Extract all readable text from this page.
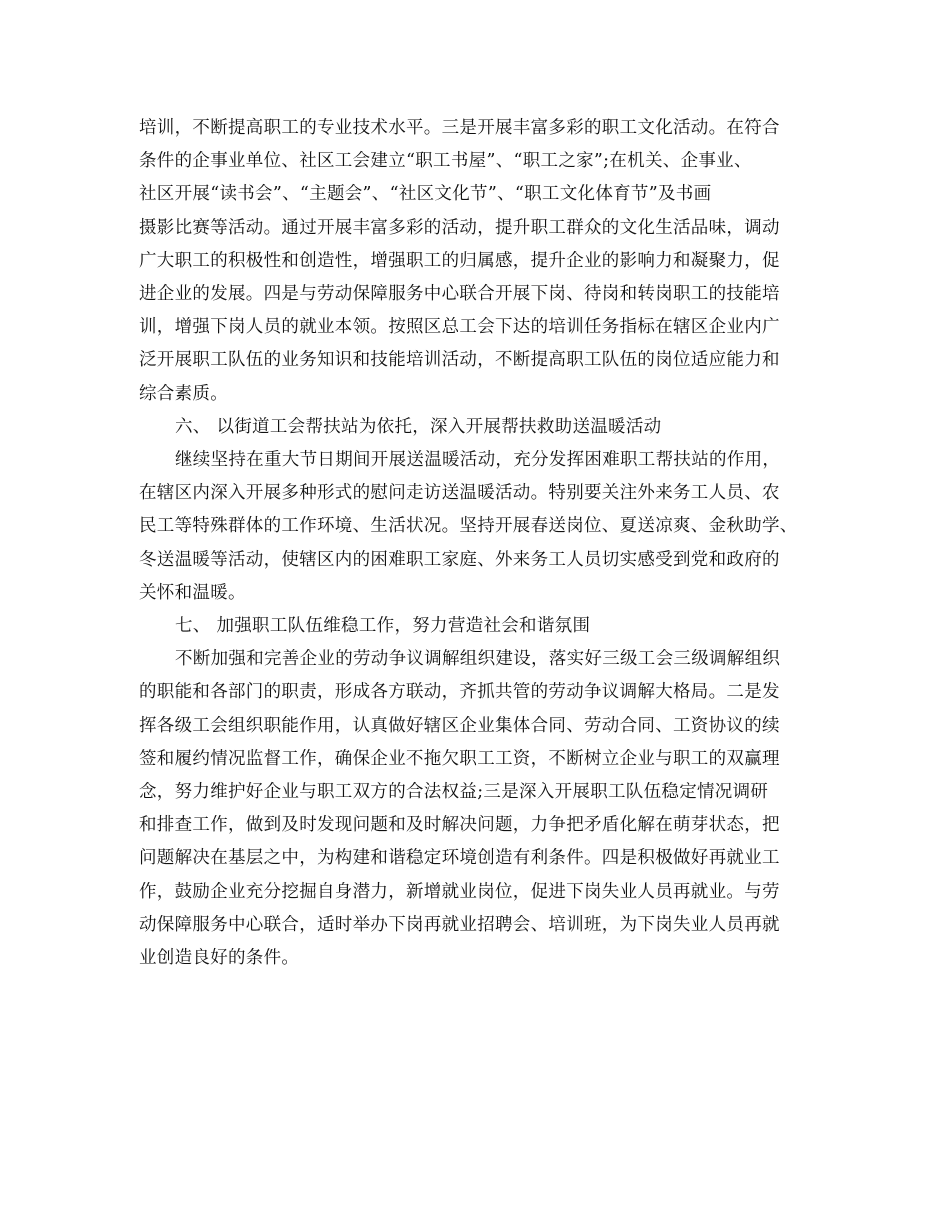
培训，不断提高职工的专业技术水平。三是开展丰富多彩的职工文化活动。在符合
条件的企事业单位、社区工会建立“职工书屋”、“职工之家”;在机关、企事业、
社区开展“读书会”、“主题会”、“社区文化节”、“职工文化体育节”及书画
摄影比赛等活动。通过开展丰富多彩的活动，提升职工群众的文化生活品味，调动
广大职工的积极性和创造性，增强职工的归属感，提升企业的影响力和凝聚力，促
进企业的发展。四是与劳动保障服务中心联合开展下岗、待岗和转岗职工的技能培
训，增强下岗人员的就业本领。按照区总工会下达的培训任务指标在辖区企业内广
泛开展职工队伍的业务知识和技能培训活动，不断提高职工队伍的岗位适应能力和
综合素质。
六、 以街道工会帮扶站为依托，深入开展帮扶救助送温暖活动
继续坚持在重大节日期间开展送温暖活动，充分发挥困难职工帮扶站的作用，
在辖区内深入开展多种形式的慰问走访送温暖活动。特别要关注外来务工人员、农
民工等特殊群体的工作环境、生活状况。坚持开展春送岗位、夏送凉爽、金秋助学、
冬送温暖等活动，使辖区内的困难职工家庭、外来务工人员切实感受到党和政府的
关怀和温暖。
七、 加强职工队伍维稳工作，努力营造社会和谐氛围
不断加强和完善企业的劳动争议调解组织建设，落实好三级工会三级调解组织
的职能和各部门的职责，形成各方联动，齐抓共管的劳动争议调解大格局。二是发
挥各级工会组织职能作用，认真做好辖区企业集体合同、劳动合同、工资协议的续
签和履约情况监督工作，确保企业不拖欠职工工资，不断树立企业与职工的双赢理
念，努力维护好企业与职工双方的合法权益;三是深入开展职工队伍稳定情况调研
和排查工作，做到及时发现问题和及时解决问题，力争把矛盾化解在萌芽状态，把
问题解决在基层之中，为构建和谐稳定环境创造有利条件。四是积极做好再就业工
作，鼓励企业充分挖掘自身潜力，新增就业岗位，促进下岗失业人员再就业。与劳
动保障服务中心联合，适时举办下岗再就业招聘会、培训班，为下岗失业人员再就
业创造良好的条件。
